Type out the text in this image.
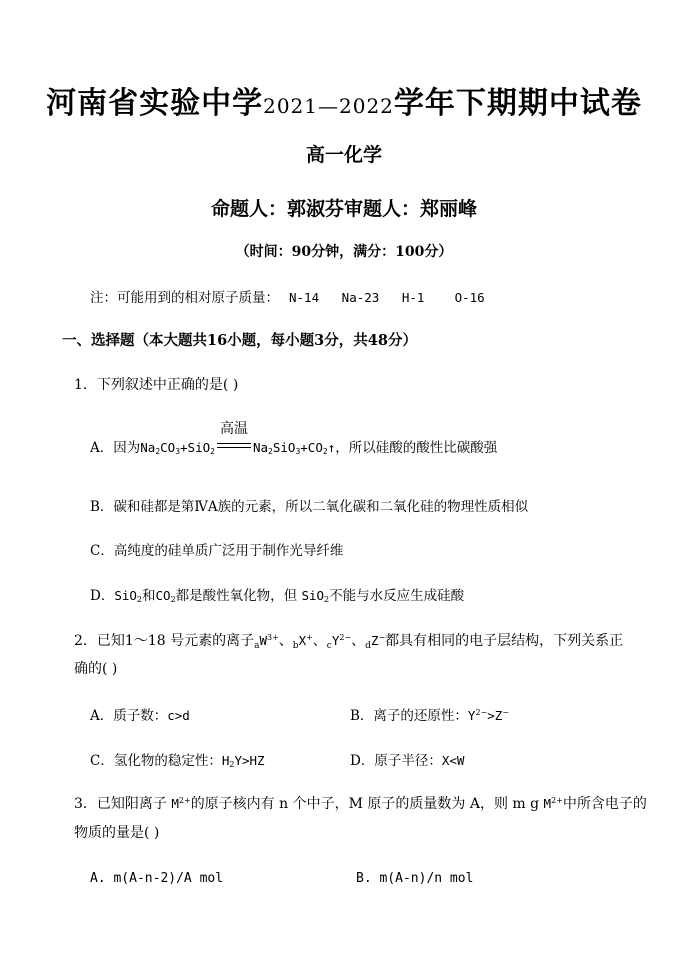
河南省实验中学2021—2022学年下期期中试卷
高一化学
命题人：郭淑芬审题人：郑丽峰
（时间：90分钟，满分：100分）
注：可能用到的相对原子质量： N-14   Na-23   H-1    O-16
一、选择题（本大题共16小题，每小题3分，共48分）
1．下列叙述中正确的是( )
A．因为$Na_2CO_3+SiO_2$
高温
$Na_2SiO_3+CO_2↑$，所以硅酸的酸性比碳酸强
B．碳和硅都是第ⅣA族的元素，所以二氧化碳和二氧化硅的物理性质相似
C．高纯度的硅单质广泛用于制作光导纤维
D．SiO$_2$和$CO_2$都是酸性氧化物，但 SiO$_2$不能与水反应生成硅酸
2．已知1～18 号元素的离子$_aW^{3+}$、$_b$X+、$_cY^{2-}$、$_d$Z−都具有相同的电子层结构，下列关系正
确的( )
A．质子数：c>d	B．离子的还原性：$Y^{2-}>Z^-$
C．氢化物的稳定性：$H_2Y>HZ$	D．原子半径：X<W
3．已知阳离子 $M^{2+}$的原子核内有 n 个中子，M 原子的质量数为 A，则 m g $M^{2+}$中所含电子的
物质的量是( )
A. m(A-n-2)/A mol	B. m(A-n)/n mol
